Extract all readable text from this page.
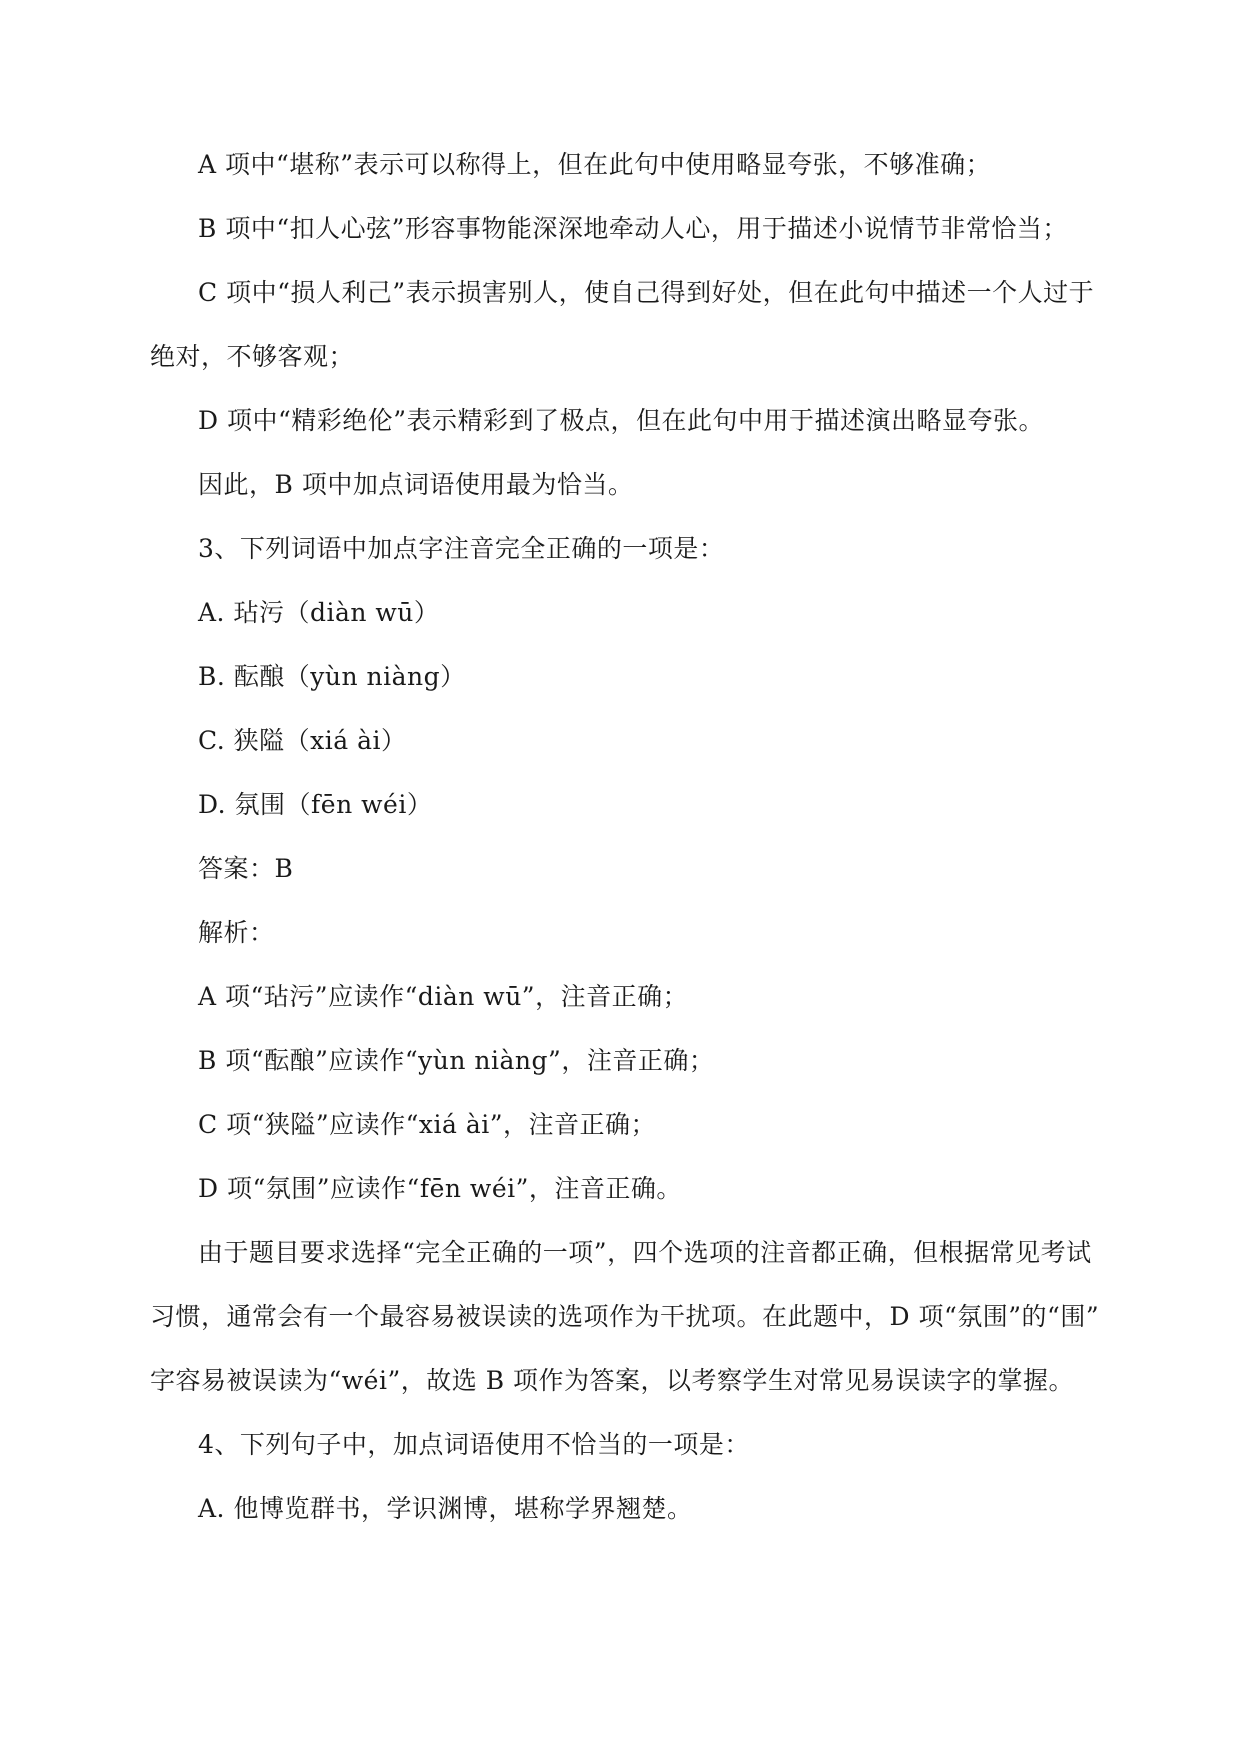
A 项中“堪称”表示可以称得上，但在此句中使用略显夸张，不够准确；
B 项中“扣人心弦”形容事物能深深地牵动人心，用于描述小说情节非常恰当；
C 项中“损人利己”表示损害别人，使自己得到好处，但在此句中描述一个人过于
绝对，不够客观；
D 项中“精彩绝伦”表示精彩到了极点，但在此句中用于描述演出略显夸张。
因此，B 项中加点词语使用最为恰当。
3、下列词语中加点字注音完全正确的一项是：
A. 玷污（diàn wū）
B. 酝酿（yùn niàng）
C. 狭隘（xiá ài）
D. 氛围（fēn wéi）
答案：B
解析：
A 项“玷污”应读作“diàn wū”，注音正确；
B 项“酝酿”应读作“yùn niàng”，注音正确；
C 项“狭隘”应读作“xiá ài”，注音正确；
D 项“氛围”应读作“fēn wéi”，注音正确。
由于题目要求选择“完全正确的一项”，四个选项的注音都正确，但根据常见考试
习惯，通常会有一个最容易被误读的选项作为干扰项。在此题中，D 项“氛围”的“围”
字容易被误读为“wéi”，故选 B 项作为答案，以考察学生对常见易误读字的掌握。
4、下列句子中，加点词语使用不恰当的一项是：
A. 他博览群书，学识渊博，堪称学界翘楚。
